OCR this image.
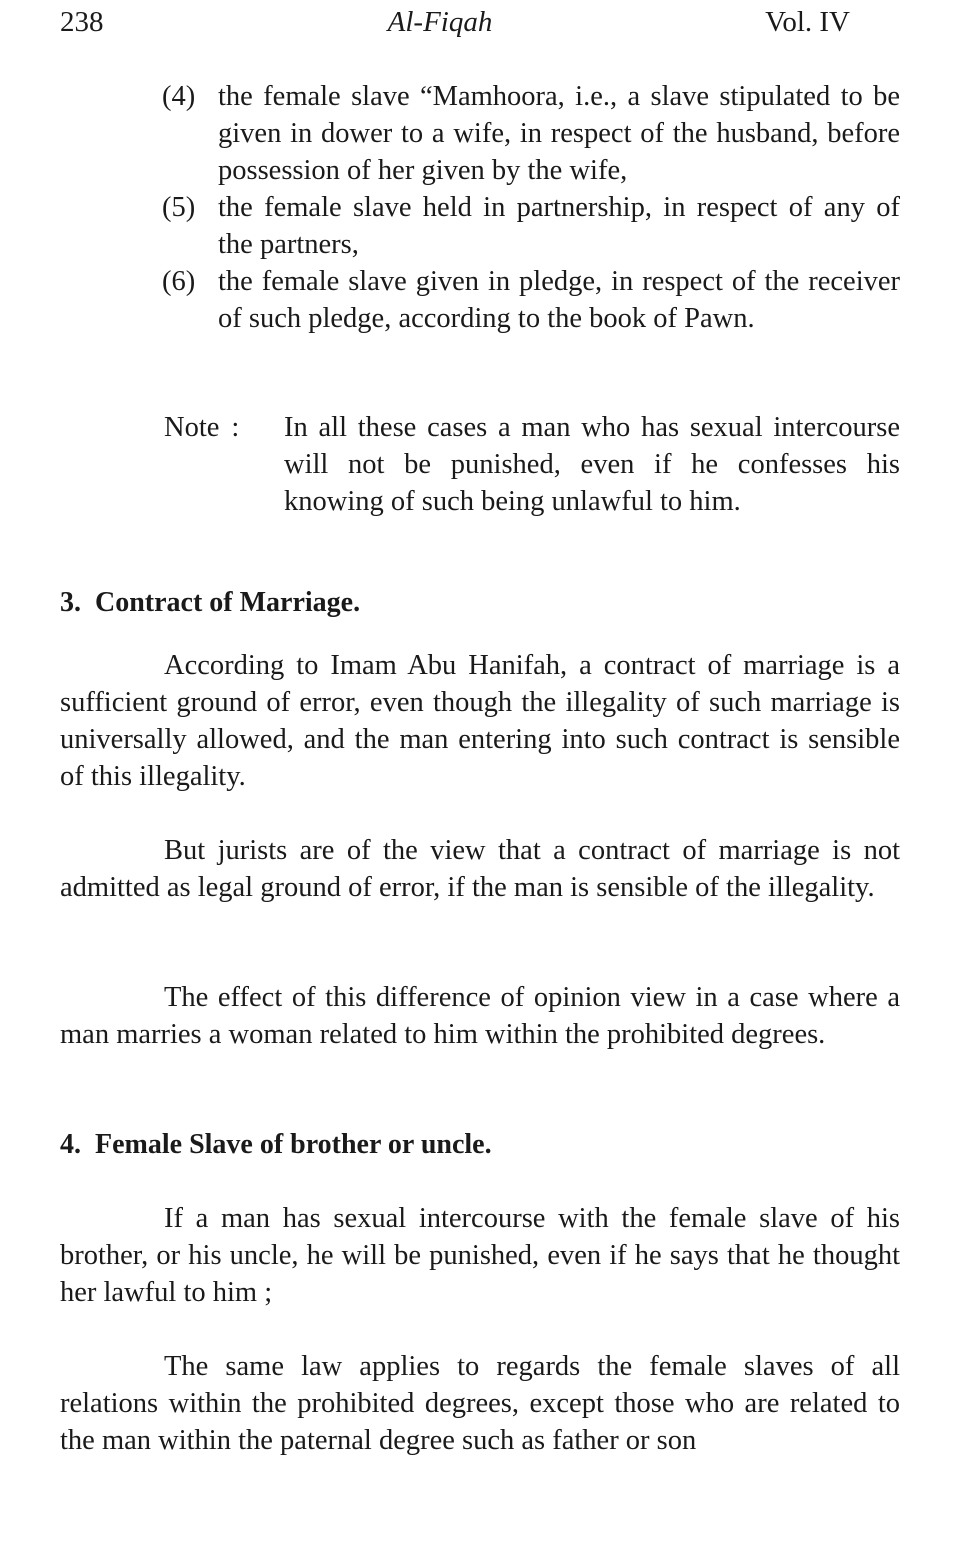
238	Al-Fiqah	Vol. IV
(4) the female slave “Mamhoora, i.e., a slave stipulated to be given in dower to a wife, in respect of the husband, before possession of her given by the wife,
(5) the female slave held in partnership, in respect of any of the partners,
(6) the female slave given in pledge, in respect of the receiver of such pledge, according to the book of Pawn.
Note :	In all these cases a man who has sexual intercourse will not be punished, even if he confesses his knowing of such being unlawful to him.
3. Contract of Marriage.

According to Imam Abu Hanifah, a contract of marriage is a sufficient ground of error, even though the illegality of such marriage is universally allowed, and the man entering into such contract is sensible of this illegality.

But jurists are of the view that a contract of marriage is not admitted as legal ground of error, if the man is sensible of the illegality.

The effect of this difference of opinion view in a case where a man marries a woman related to him within the prohibited degrees.

4. Female Slave of brother or uncle.

If a man has sexual intercourse with the female slave of his brother, or his uncle, he will be punished, even if he says that he thought her lawful to him ;

The same law applies to regards the female slaves of all relations within the prohibited degrees, except those who are related to the man within the paternal degree such as father or son
